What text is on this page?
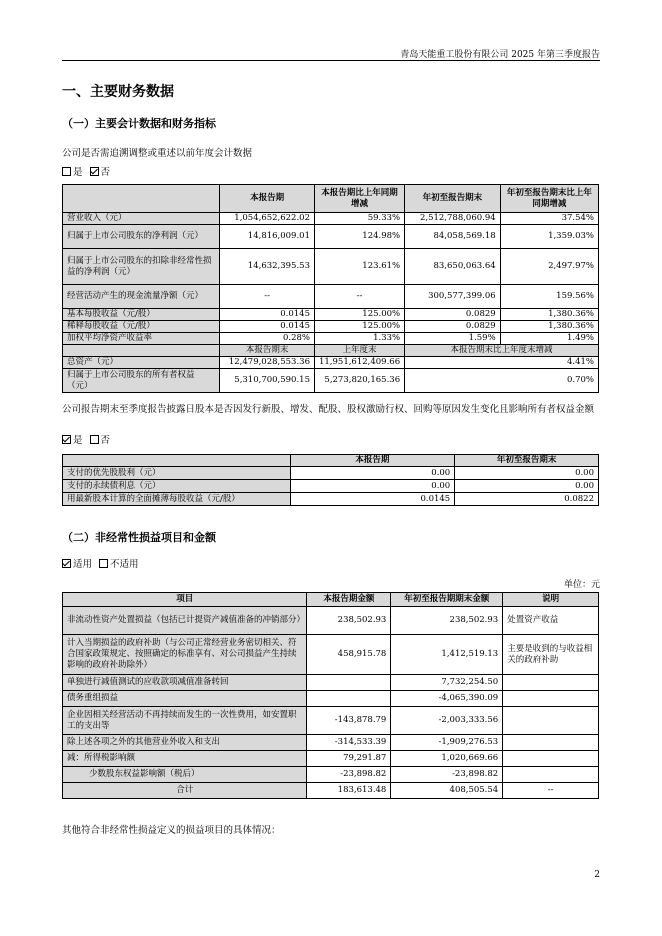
青岛天能重工股份有限公司 2025 年第三季度报告
一、主要财务数据
（一）主要会计数据和财务指标
公司是否需追溯调整或重述以前年度会计数据
是 否
	本报告期	本报告期比上年同期增减	年初至报告期末	年初至报告期末比上年同期增减
营业收入（元）	1,054,652,622.02	59.33%	2,512,788,060.94	37.54%
归属于上市公司股东的净利润（元）	14,816,009.01	124.98%	84,058,569.18	1,359.03%
归属于上市公司股东的扣除非经常性损益的净利润（元）	14,632,395.53	123.61%	83,650,063.64	2,497.97%
经营活动产生的现金流量净额（元）	--	--	300,577,399.06	159.56%
基本每股收益（元/股）	0.0145	125.00%	0.0829	1,380.36%
稀释每股收益（元/股）	0.0145	125.00%	0.0829	1,380.36%
加权平均净资产收益率	0.28%	1.33%	1.59%	1.49%
	本报告期末	上年度末	本报告期末比上年度末增减	
总资产（元）	12,479,028,553.36	11,951,612,409.66	4.41%	
归属于上市公司股东的所有者权益（元）	5,310,700,590.15	5,273,820,165.36	0.70%	
公司报告期末至季度报告披露日股本是否因发行新股、增发、配股、股权激励行权、回购等原因发生变化且影响所有者权益金额
是 否
	本报告期	年初至报告期末
支付的优先股股利（元）	0.00	0.00
支付的永续债利息（元）	0.00	0.00
用最新股本计算的全面摊薄每股收益（元/股）	0.0145	0.0822
（二）非经常性损益项目和金额
适用 不适用
单位：元
项目	本报告期金额	年初至报告期期末金额	说明
非流动性资产处置损益（包括已计提资产减值准备的冲销部分）	238,502.93	238,502.93	处置资产收益
计入当期损益的政府补助（与公司正常经营业务密切相关、符合国家政策规定、按照确定的标准享有、对公司损益产生持续影响的政府补助除外）	458,915.78	1,412,519.13	主要是收到的与收益相关的政府补助
单独进行减值测试的应收款项减值准备转回		7,732,254.50	
债务重组损益		-4,065,390.09	
企业因相关经营活动不再持续而发生的一次性费用，如安置职工的支出等	-143,878.79	-2,003,333.56	
除上述各项之外的其他营业外收入和支出	-314,533.39	-1,909,276.53	
减：所得税影响额	79,291.87	1,020,669.66	
少数股东权益影响额（税后）	-23,898.82	-23,898.82	
合计	183,613.48	408,505.54	--
其他符合非经常性损益定义的损益项目的具体情况：
2
